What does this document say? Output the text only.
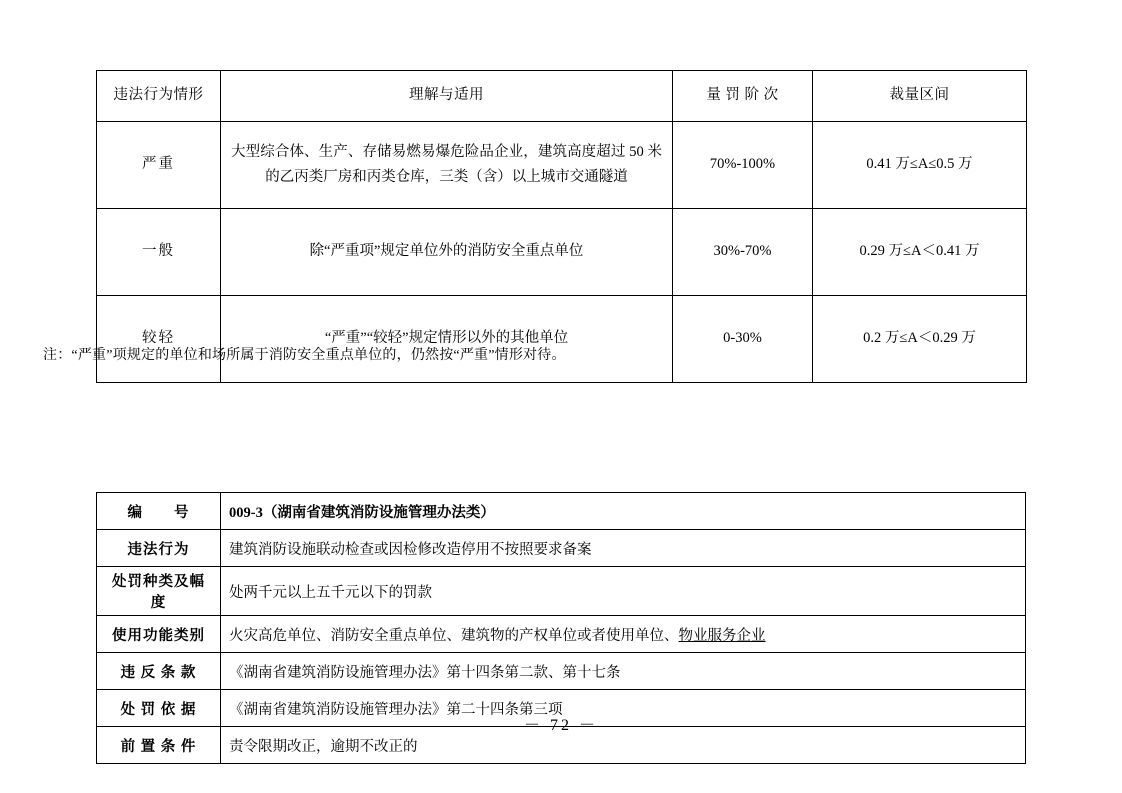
违法行为情形	理解与适用	量 罚 阶 次	裁量区间
严重	大型综合体、生产、存储易燃易爆危险品企业，建筑高度超过 50 米的乙丙类厂房和丙类仓库，三类（含）以上城市交通隧道	70%-100%	0.41 万≤A≤0.5 万
一般	除“严重项”规定单位外的消防安全重点单位	30%-70%	0.29 万≤A＜0.41 万
较轻	“严重”“较轻”规定情形以外的其他单位	0-30%	0.2 万≤A＜0.29 万
注：“严重”项规定的单位和场所属于消防安全重点单位的，仍然按“严重”情形对待。
编　　号	009-3（湖南省建筑消防设施管理办法类）
违法行为	建筑消防设施联动检查或因检修改造停用不按照要求备案
处罚种类及幅度	处两千元以上五千元以下的罚款
使用功能类别	火灾高危单位、消防安全重点单位、建筑物的产权单位或者使用单位、物业服务企业
违 反 条 款	《湖南省建筑消防设施管理办法》第十四条第二款、第十七条
处 罚 依 据	《湖南省建筑消防设施管理办法》第二十四条第三项
前 置 条 件	责令限期改正，逾期不改正的
－ 72 －
